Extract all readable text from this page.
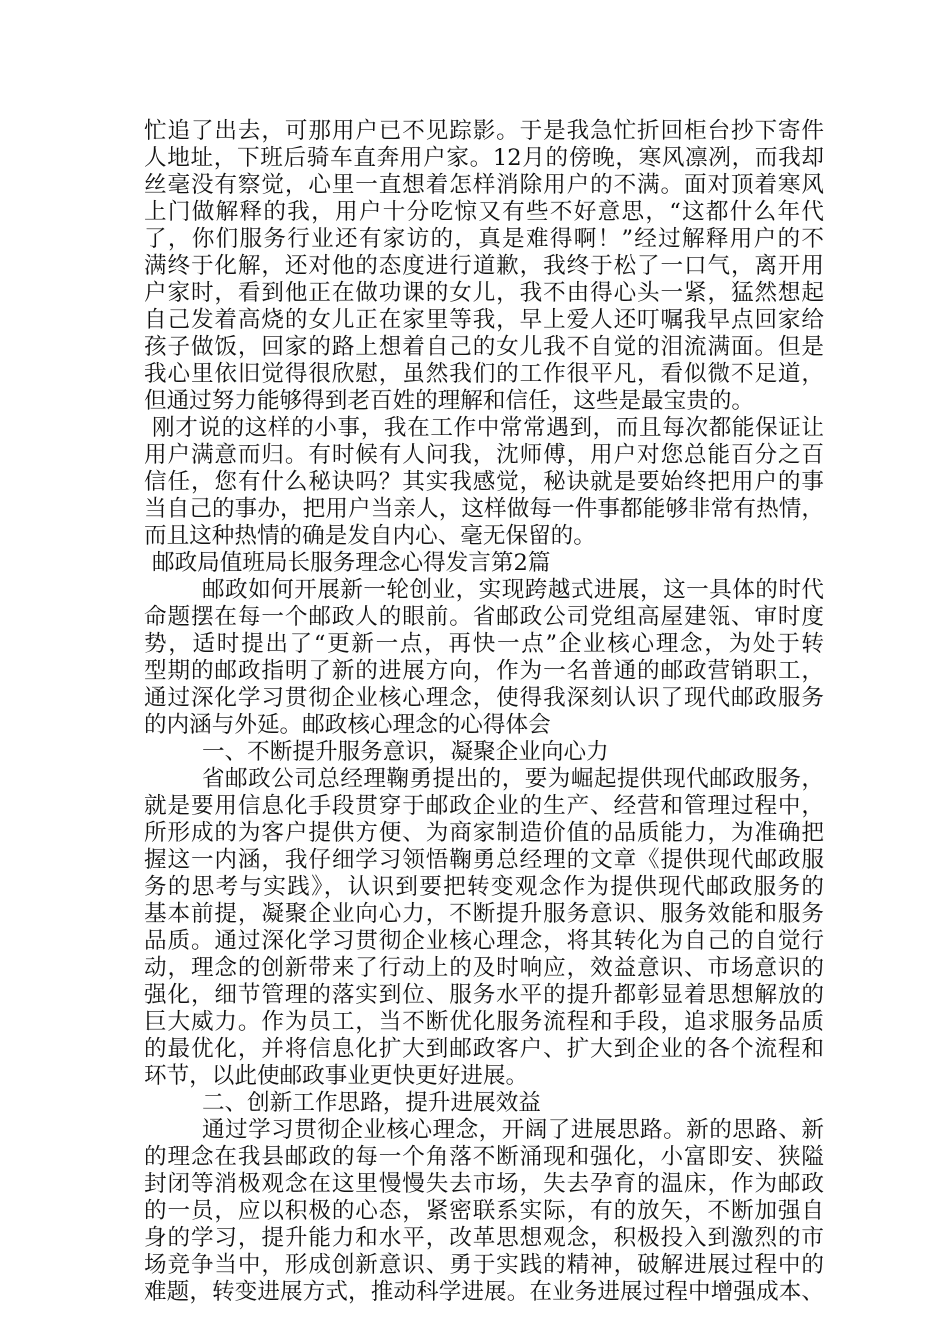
忙追了出去，可那用户已不见踪影。于是我急忙折回柜台抄下寄件
人地址，下班后骑车直奔用户家。12月的傍晚，寒风凛冽，而我却
丝毫没有察觉，心里一直想着怎样消除用户的不满。面对顶着寒风
上门做解释的我，用户十分吃惊又有些不好意思，“这都什么年代
了，你们服务行业还有家访的，真是难得啊！”经过解释用户的不
满终于化解，还对他的态度进行道歉，我终于松了一口气，离开用
户家时，看到他正在做功课的女儿，我不由得心头一紧，猛然想起
自己发着高烧的女儿正在家里等我，早上爱人还叮嘱我早点回家给
孩子做饭，回家的路上想着自己的女儿我不自觉的泪流满面。但是
我心里依旧觉得很欣慰，虽然我们的工作很平凡，看似微不足道，
但通过努力能够得到老百姓的理解和信任，这些是最宝贵的。
刚才说的这样的小事，我在工作中常常遇到，而且每次都能保证让
用户满意而归。有时候有人问我，沈师傅，用户对您总能百分之百
信任，您有什么秘诀吗？其实我感觉，秘诀就是要始终把用户的事
当自己的事办，把用户当亲人，这样做每一件事都能够非常有热情，
而且这种热情的确是发自内心、毫无保留的。
邮政局值班局长服务理念心得发言第2篇
邮政如何开展新一轮创业，实现跨越式进展，这一具体的时代
命题摆在每一个邮政人的眼前。省邮政公司党组高屋建瓴、审时度
势，适时提出了“更新一点，再快一点”企业核心理念，为处于转
型期的邮政指明了新的进展方向，作为一名普通的邮政营销职工，
通过深化学习贯彻企业核心理念，使得我深刻认识了现代邮政服务
的内涵与外延。邮政核心理念的心得体会
一、不断提升服务意识，凝聚企业向心力
省邮政公司总经理鞠勇提出的，要为崛起提供现代邮政服务，
就是要用信息化手段贯穿于邮政企业的生产、经营和管理过程中，
所形成的为客户提供方便、为商家制造价值的品质能力，为准确把
握这一内涵，我仔细学习领悟鞠勇总经理的文章《提供现代邮政服
务的思考与实践》，认识到要把转变观念作为提供现代邮政服务的
基本前提，凝聚企业向心力，不断提升服务意识、服务效能和服务
品质。通过深化学习贯彻企业核心理念，将其转化为自己的自觉行
动，理念的创新带来了行动上的及时响应，效益意识、市场意识的
强化，细节管理的落实到位、服务水平的提升都彰显着思想解放的
巨大威力。作为员工，当不断优化服务流程和手段，追求服务品质
的最优化，并将信息化扩大到邮政客户、扩大到企业的各个流程和
环节，以此使邮政事业更快更好进展。
二、创新工作思路，提升进展效益
通过学习贯彻企业核心理念，开阔了进展思路。新的思路、新
的理念在我县邮政的每一个角落不断涌现和强化，小富即安、狭隘
封闭等消极观念在这里慢慢失去市场，失去孕育的温床，作为邮政
的一员，应以积极的心态，紧密联系实际，有的放矢，不断加强自
身的学习，提升能力和水平，改革思想观念，积极投入到激烈的市
场竞争当中，形成创新意识、勇于实践的精神，破解进展过程中的
难题，转变进展方式，推动科学进展。在业务进展过程中增强成本、
